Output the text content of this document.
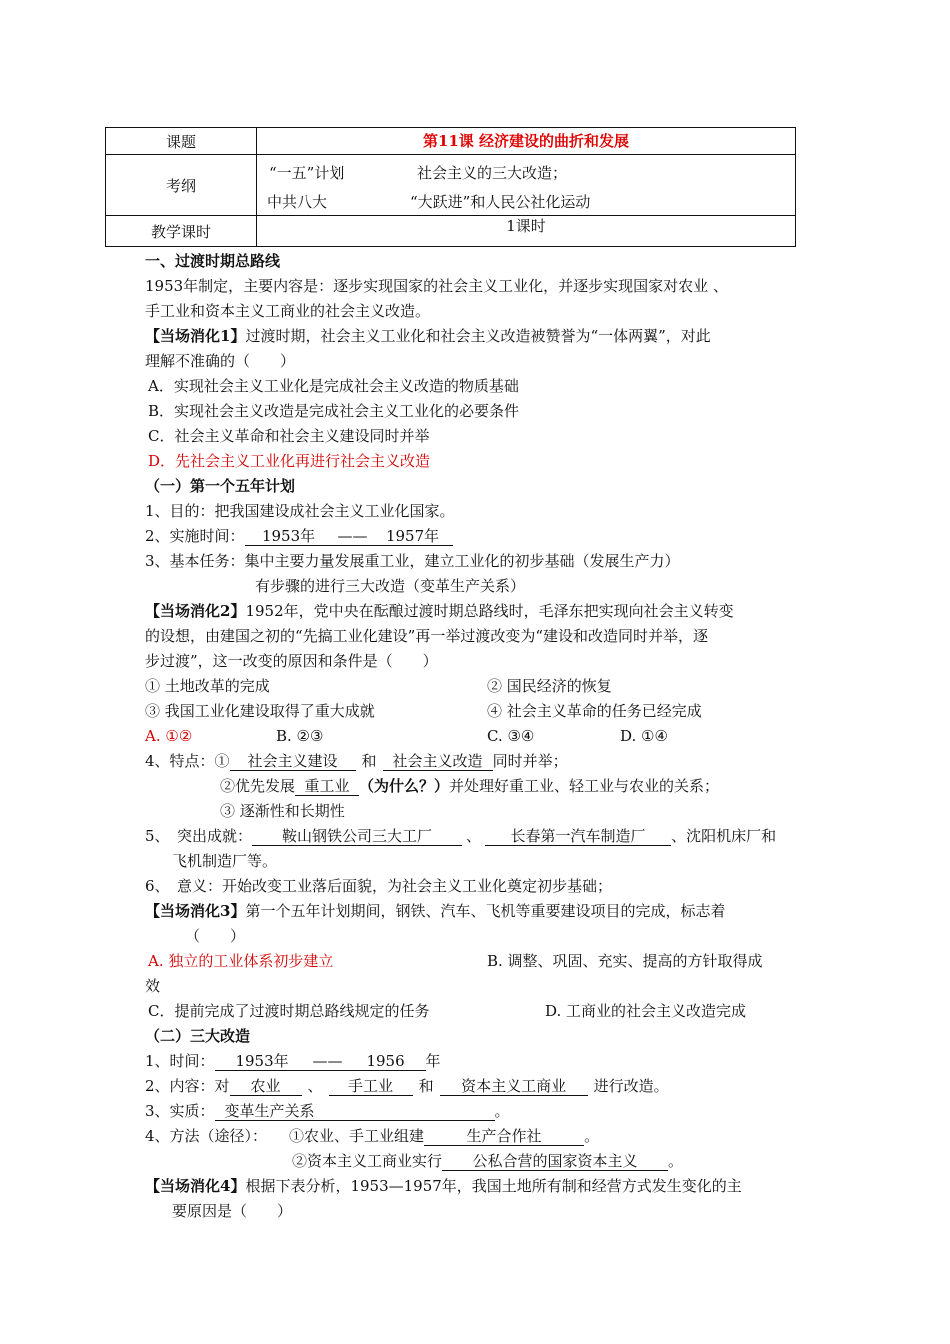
课题	第11课 经济建设的曲折和发展
考纲	“一五”计划 社会主义的三大改造；
中共八大 “大跃进”和人民公社化运动

教学课时	1课时
一、过渡时期总路线
1953年制定，主要内容是：逐步实现国家的社会主义工业化，并逐步实现国家对农业 、
手工业和资本主义工商业的社会主义改造。
【当场消化1】过渡时期，社会主义工业化和社会主义改造被赞誉为“一体两翼”，对此
理解不准确的（　　）
A．实现社会主义工业化是完成社会主义改造的物质基础
B．实现社会主义改造是完成社会主义工业化的必要条件
C．社会主义革命和社会主义建设同时并举
D．先社会主义工业化再进行社会主义改造
（一）第一个五年计划
1、目的：把我国建设成社会主义工业化国家。
2、实施时间： 1953年 —— 1957年
3、基本任务：集中主要力量发展重工业，建立工业化的初步基础（发展生产力）
有步骤的进行三大改造（变革生产关系）
【当场消化2】1952年，党中央在酝酿过渡时期总路线时，毛泽东把实现向社会主义转变
的设想，由建国之初的“先搞工业化建设”再一举过渡改变为“建设和改造同时并举，逐
步过渡”，这一改变的原因和条件是（　　）
① 土地改革的完成	② 国民经济的恢复
③ 我国工业化建设取得了重大成就	④ 社会主义革命的任务已经完成
A. ①②	B. ②③	C. ③④	D. ①④
4、特点：① 社会主义建设 和 社会主义改造 同时并举；
②优先发展 重工业 （为什么？）并处理好重工业、轻工业与农业的关系；
③ 逐渐性和长期性
5、　突出成就： 鞍山钢铁公司三大工厂 、 长春第一汽车制造厂 、沈阳机床厂和
飞机制造厂等。
6、　意义：开始改变工业落后面貌，为社会主义工业化奠定初步基础；
【当场消化3】第一个五年计划期间，钢铁、汽车、飞机等重要建设项目的完成，标志着
（　　）
A. 独立的工业体系初步建立	B. 调整、巩固、充实、提高的方针取得成
效
C．提前完成了过渡时期总路线规定的任务	D. 工商业的社会主义改造完成
（二）三大改造
1、时间： 1953年 —— 1956 年
2、内容：对 农业 、 手工业 和 资本主义工商业 进行改造。
3、实质： 变革生产关系	。
4、方法（途径）： ①农业、手工业组建	生产合作社	。
②资本主义工商业实行 公私合营的国家资本主义 。
【当场消化4】根据下表分析，1953—1957年，我国土地所有制和经营方式发生变化的主
要原因是（　　）
